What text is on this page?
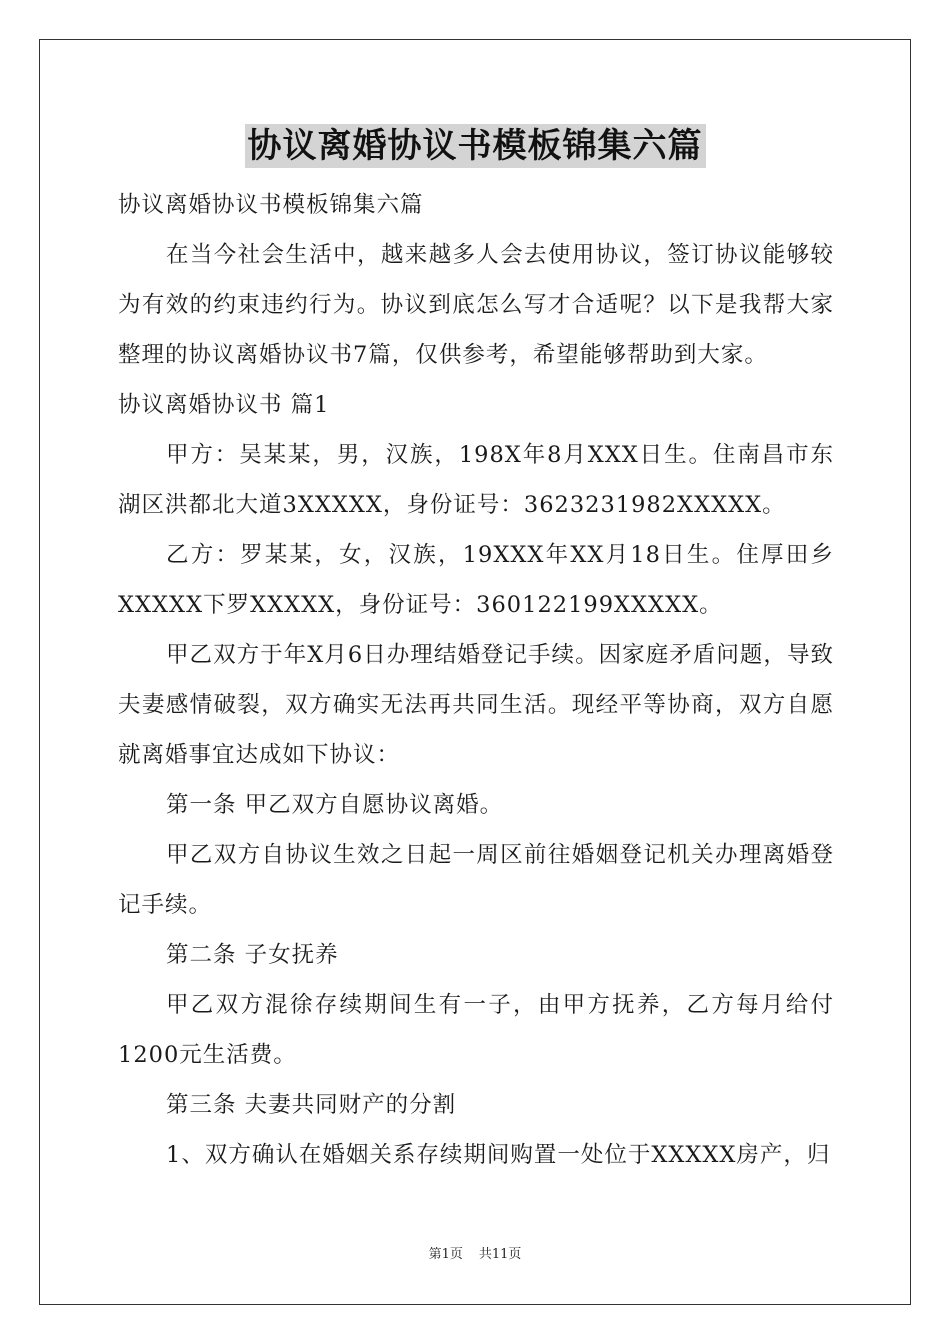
协议离婚协议书模板锦集六篇

协议离婚协议书模板锦集六篇

在当今社会生活中，越来越多人会去使用协议，签订协议能够较为有效的约束违约行为。协议到底怎么写才合适呢？以下是我帮大家整理的协议离婚协议书7篇，仅供参考，希望能够帮助到大家。

协议离婚协议书 篇1

甲方：吴某某，男，汉族，198X年8月XXX日生。住南昌市东湖区洪都北大道3XXXXX，身份证号：3623231982XXXXX。

乙方：罗某某，女，汉族，19XXX年XX月18日生。住厚田乡XXXXX下罗XXXXX，身份证号：360122199XXXXX。

甲乙双方于年X月6日办理结婚登记手续。因家庭矛盾问题，导致夫妻感情破裂，双方确实无法再共同生活。现经平等协商，双方自愿就离婚事宜达成如下协议：

第一条 甲乙双方自愿协议离婚。

甲乙双方自协议生效之日起一周区前往婚姻登记机关办理离婚登记手续。

第二条 子女抚养

甲乙双方混徐存续期间生有一子，由甲方抚养，乙方每月给付1200元生活费。

第三条 夫妻共同财产的分割

1、双方确认在婚姻关系存续期间购置一处位于XXXXX房产，归

第1页 共11页
